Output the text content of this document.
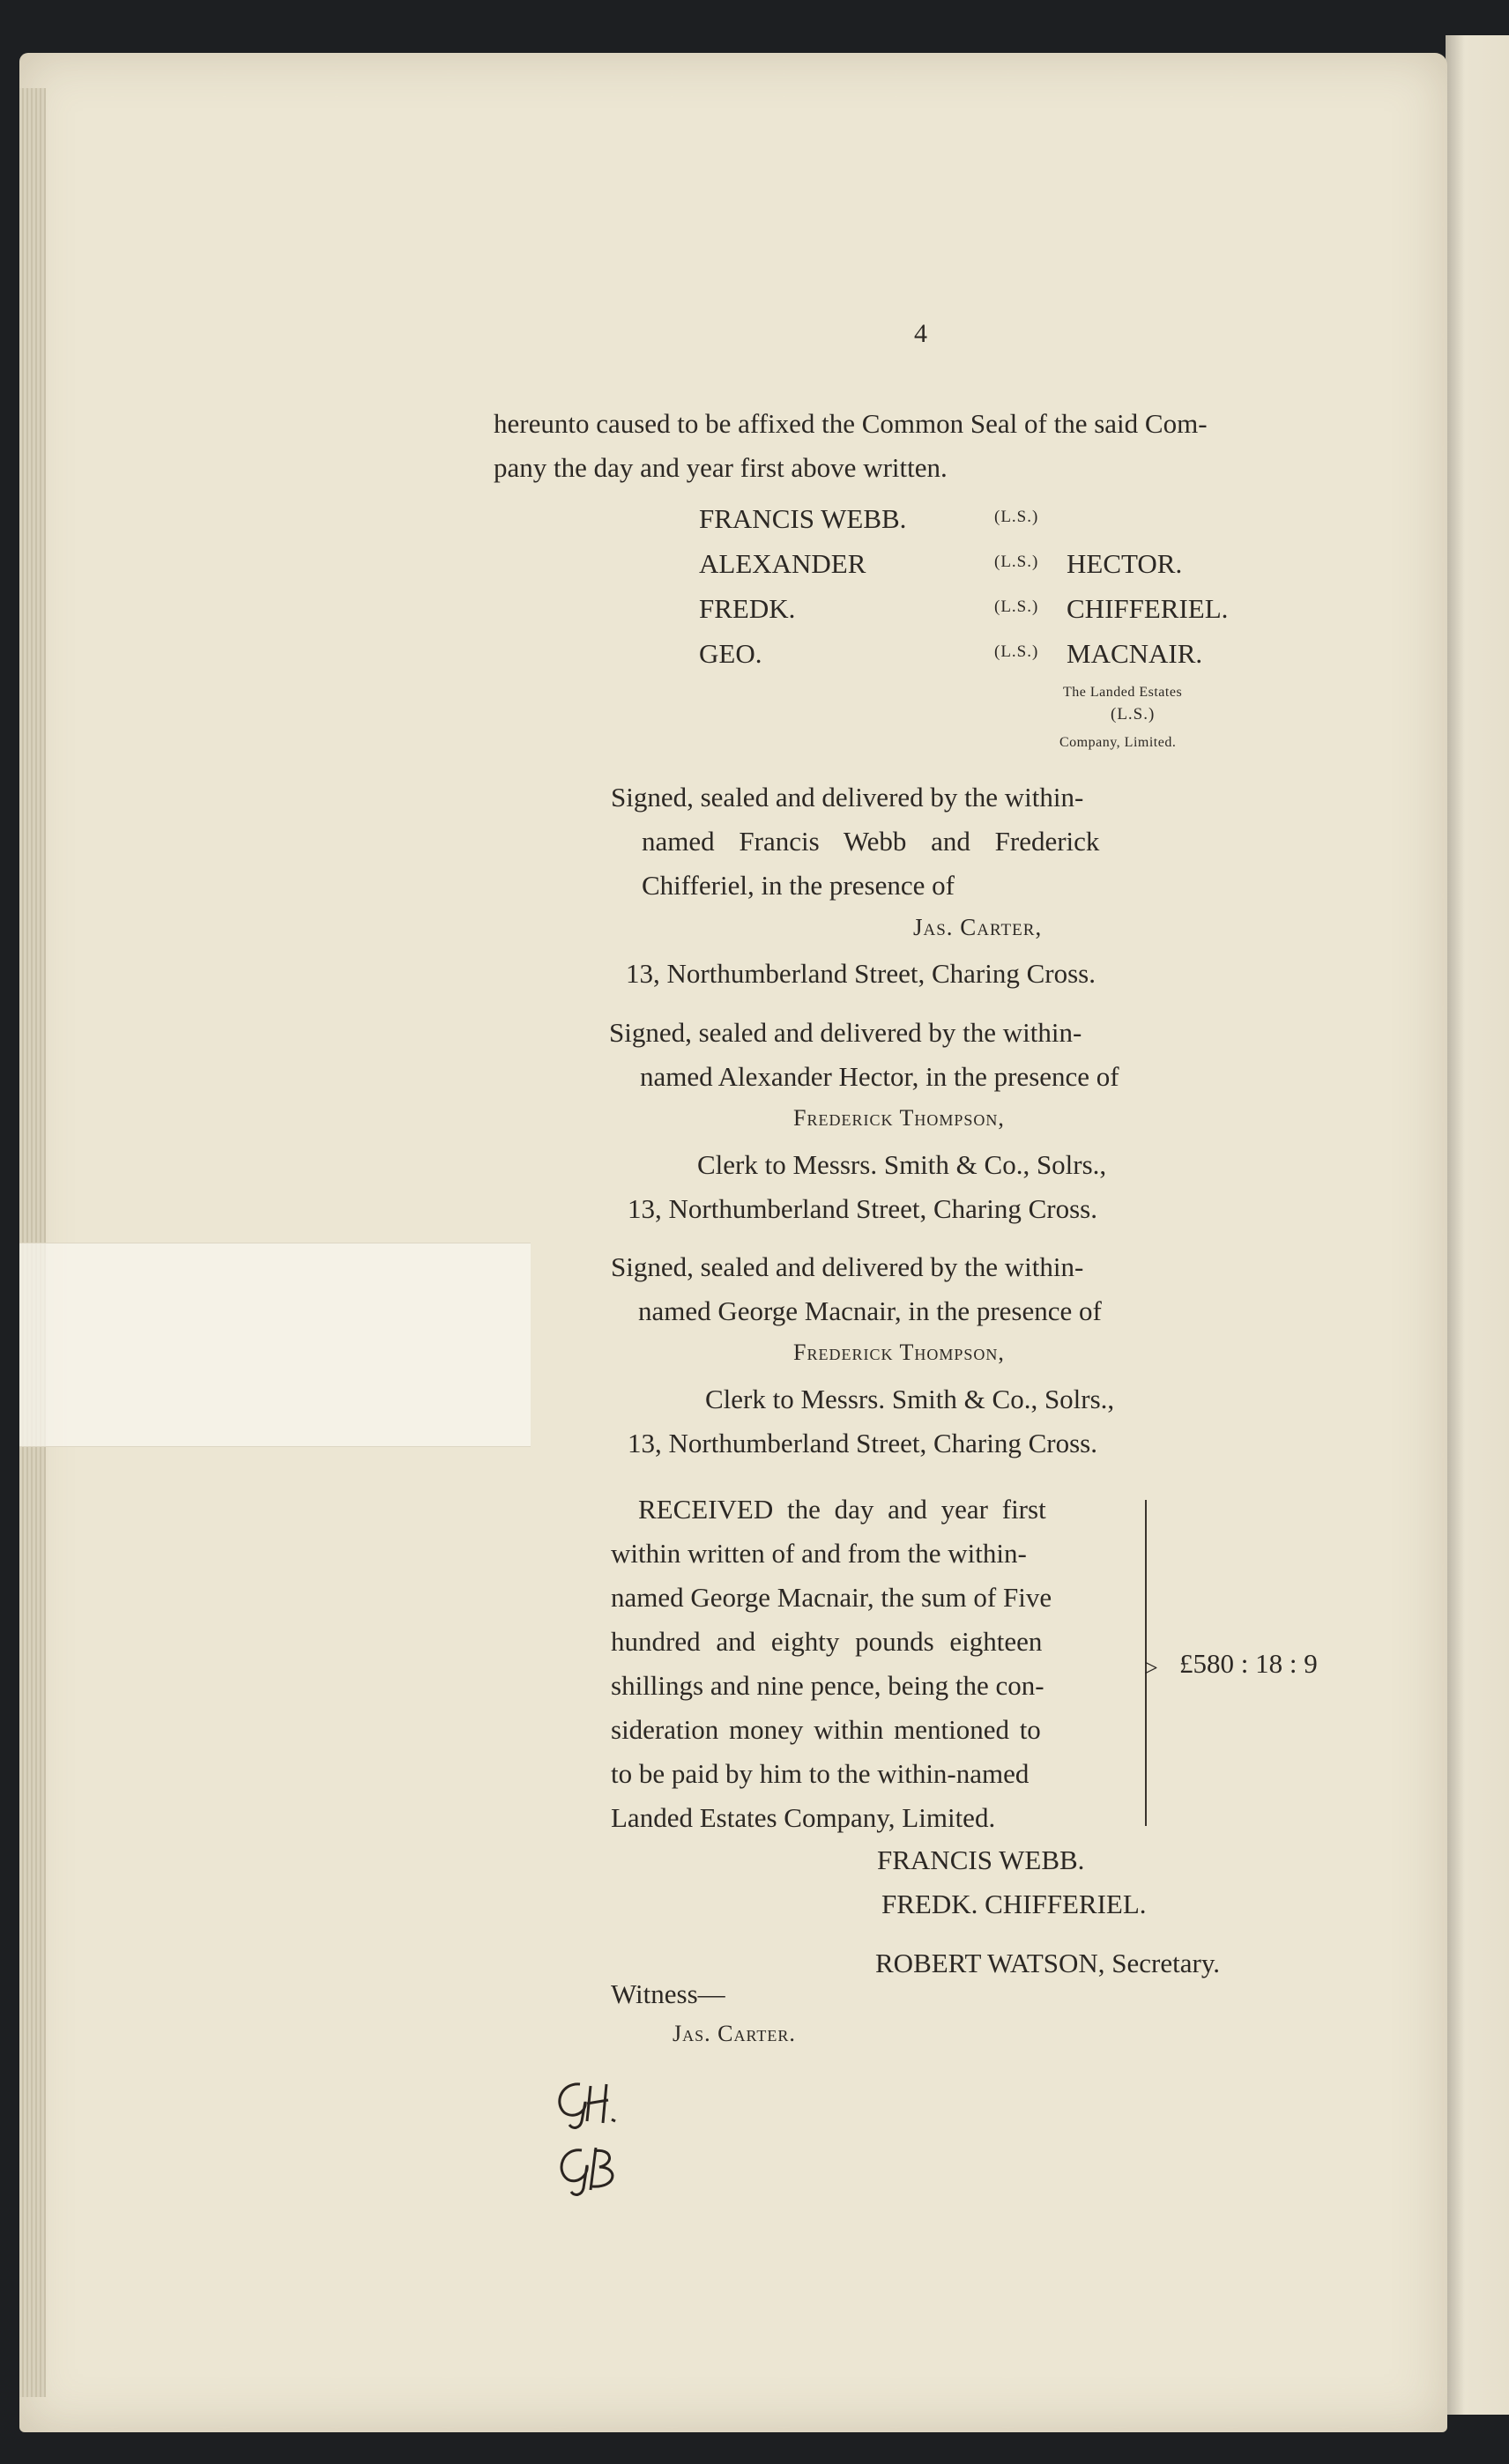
4
hereunto caused to be affixed the Common Seal of the said Com-
pany the day and year first above written.
FRANCIS WEBB.	(L.S.)
ALEXANDER	(L.S.) HECTOR.
FREDK.	(L.S.) CHIFFERIEL.
GEO.	(L.S.) MACNAIR.
The Landed Estates
(L.S.)
Company, Limited.
Signed, sealed and delivered by the within-
named Francis Webb and Frederick
Chifferiel, in the presence of
Jas. Carter,
13, Northumberland Street, Charing Cross.
Signed, sealed and delivered by the within-
named Alexander Hector, in the presence of
Frederick Thompson,
Clerk to Messrs. Smith & Co., Solrs.,
13, Northumberland Street, Charing Cross.
Signed, sealed and delivered by the within-
named George Macnair, in the presence of
Frederick Thompson,
Clerk to Messrs. Smith & Co., Solrs.,
13, Northumberland Street, Charing Cross.
RECEIVED the day and year first
within written of and from the within-
named George Macnair, the sum of Five
hundred and eighty pounds eighteen
shillings and nine pence, being the con-
sideration money within mentioned to
to be paid by him to the within-named
Landed Estates Company, Limited.
> £580 : 18 : 9
FRANCIS WEBB.
FREDK. CHIFFERIEL.
ROBERT WATSON, Secretary.
Witness—
Jas. Carter.
